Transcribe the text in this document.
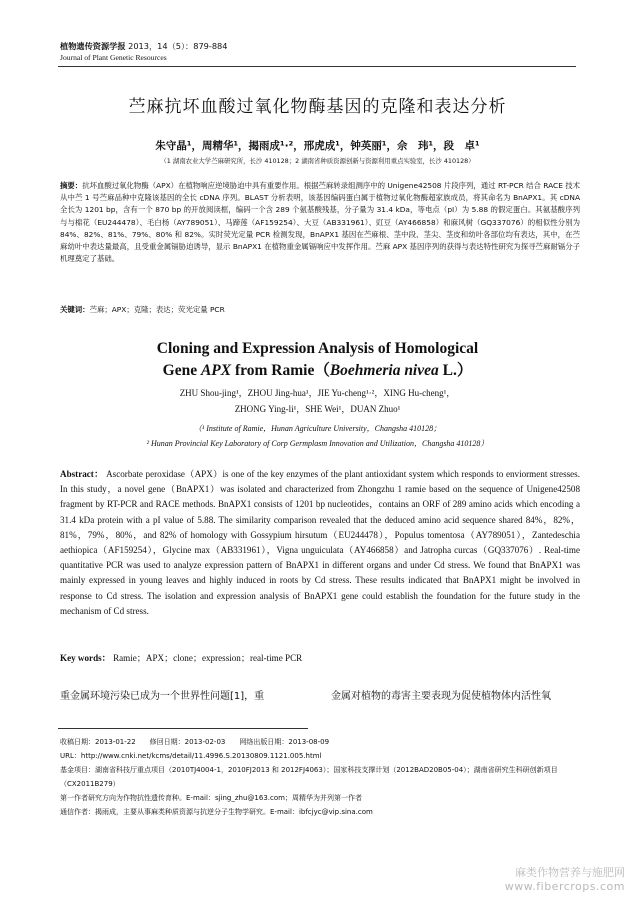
植物遗传资源学报 2013，14（5）：879-884
Journal of Plant Genetic Resources
苎麻抗坏血酸过氧化物酶基因的克隆和表达分析
朱守晶¹，周精华¹，揭雨成¹·²，邢虎成¹，钟英丽¹，佘　玮¹，段　卓¹
（1 湖南农业大学苎麻研究所，长沙 410128；2 湖南省种质资源创新与资源利用重点实验室，长沙 410128）
摘要：抗坏血酸过氧化物酶（APX）在植物响应逆境胁迫中具有重要作用。根据苎麻转录组测序中的 Unigene42508 片段序列，通过 RT-PCR 结合 RACE 技术从中苎 1 号苎麻品种中克隆该基因的全长 cDNA 序列。BLAST 分析表明，该基因编码蛋白属于植物过氧化物酶超家族成员，将其命名为 BnAPX1。其 cDNA 全长为 1201 bp，含有一个 870 bp 的开放阅读框，编码一个含 289 个氨基酸残基，分子量为 31.4 kDa，等电点（pI）为 5.88 的假定蛋白。其氨基酸序列与与棉花（EU244478）、毛白杨（AY789051）、马蹄莲（AF159254）、大豆（AB331961）、豇豆（AY466858）和麻风树（GQ337076）的相似性分别为 84%、82%、81%、79%、80% 和 82%。实时荧光定量 PCR 检测发现，BnAPX1 基因在苎麻根、茎中段、茎尖、茎皮和幼叶各部位均有表达，其中，在苎麻幼叶中表达量最高，且受重金属镉胁迫诱导，显示 BnAPX1 在植物重金属镉响应中发挥作用。苎麻 APX 基因序列的获得与表达特性研究为探寻苎麻耐镉分子机理奠定了基础。
关键词：苎麻；APX；克隆；表达；荧光定量 PCR
Cloning and Expression Analysis of Homological
Gene APX from Ramie（Boehmeria nivea L.）
ZHU Shou-jing¹，ZHOU Jing-hua¹，JIE Yu-cheng¹·²，XING Hu-cheng¹，
ZHONG Ying-li¹，SHE Wei¹，DUAN Zhuo¹
（¹ Institute of Ramie，Hunan Agriculture University，Changsha 410128；
² Hunan Provincial Key Laboratory of Corp Germplasm Innovation and Utilization，Changsha 410128）
Abstract： Ascorbate peroxidase（APX）is one of the key enzymes of the plant antioxidant system which responds to enviorment stresses. In this study，a novel gene（BnAPX1）was isolated and characterized from Zhongzhu 1 ramie based on the sequence of Unigene42508 fragment by RT-PCR and RACE methods. BnAPX1 consists of 1201 bp nucleotides，contains an ORF of 289 amino acids which encoding a 31.4 kDa protein with a pI value of 5.88. The similarity comparison revealed that the deduced amino acid sequence shared 84%，82%，81%，79%，80%，and 82% of homology with Gossypium hirsutum（EU244478），Populus tomentosa（AY789051），Zantedeschia aethiopica（AF159254），Glycine max（AB331961），Vigna unguiculata（AY466858）and Jatropha curcas（GQ337076）. Real-time quantitative PCR was used to analyze expression pattern of BnAPX1 in different organs and under Cd stress. We found that BnAPX1 was mainly expressed in young leaves and highly induced in roots by Cd stress. These results indicated that BnAPX1 might be involved in response to Cd stress. The isolation and expression analysis of BnAPX1 gene could establish the foundation for the future study in the mechanism of Cd stress.
Key words： Ramie；APX；clone；expression；real-time PCR
重金属环境污染已成为一个世界性问题[1]，重	金属对植物的毒害主要表现为促使植物体内活性氧
收稿日期：2013-01-22　　修回日期：2013-02-03　　网络出版日期：2013-08-09
URL：http://www.cnki.net/kcms/detail/11.4996.S.20130809.1121.005.html
基金项目：湖南省科技厅重点项目（2010TJ4004-1，2010FJ2013 和 2012FJ4063）；国家科技支撑计划（2012BAD20B05-04）；湖南省研究生科研创新项目（CX2011B279）
第一作者研究方向为作物抗性遗传育种。E-mail：sjing_zhu@163.com；周精华为并列第一作者
通信作者：揭雨成，主要从事麻类种质资源与抗逆分子生物学研究。E-mail：ibfcjyc@vip.sina.com
麻类作物营养与施肥网
www.fibercrops.com
